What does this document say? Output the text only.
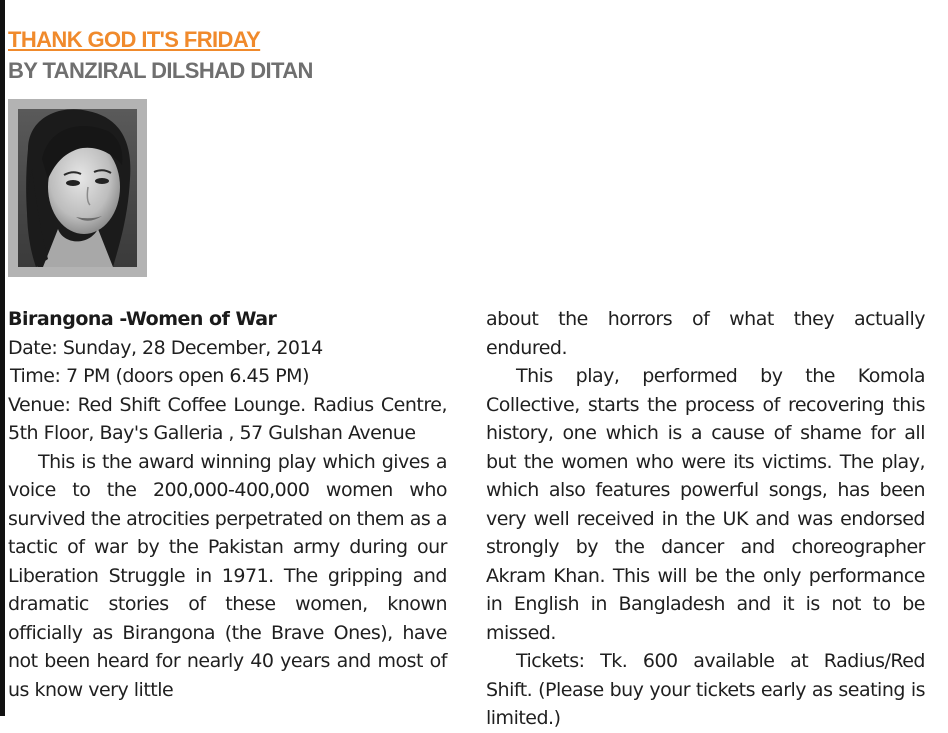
THANK GOD IT'S FRIDAY
BY TANZIRAL DILSHAD DITAN

Birangona -Women of War

Date: Sunday, 28 December, 2014

Time: 7 PM (doors open 6.45 PM)

Venue: Red Shift Coffee Lounge. Radius Centre, 5th Floor, Bay's Galleria , 57 Gulshan Avenue

This is the award winning play which gives a voice to the 200,000-400,000 women who survived the atrocities perpetrated on them as a tactic of war by the Pakistan army during our Liberation Struggle in 1971. The gripping and dramatic stories of these women, known officially as Birangona (the Brave Ones), have not been heard for nearly 40 years and most of us know very little

about the horrors of what they actually endured.

This play, performed by the Komola Collective, starts the process of recovering this history, one which is a cause of shame for all but the women who were its victims. The play, which also features powerful songs, has been very well received in the UK and was endorsed strongly by the dancer and choreographer Akram Khan. This will be the only performance in English in Bangladesh and it is not to be missed.

Tickets: Tk. 600 available at Radius/Red Shift. (Please buy your tickets early as seating is limited.)
